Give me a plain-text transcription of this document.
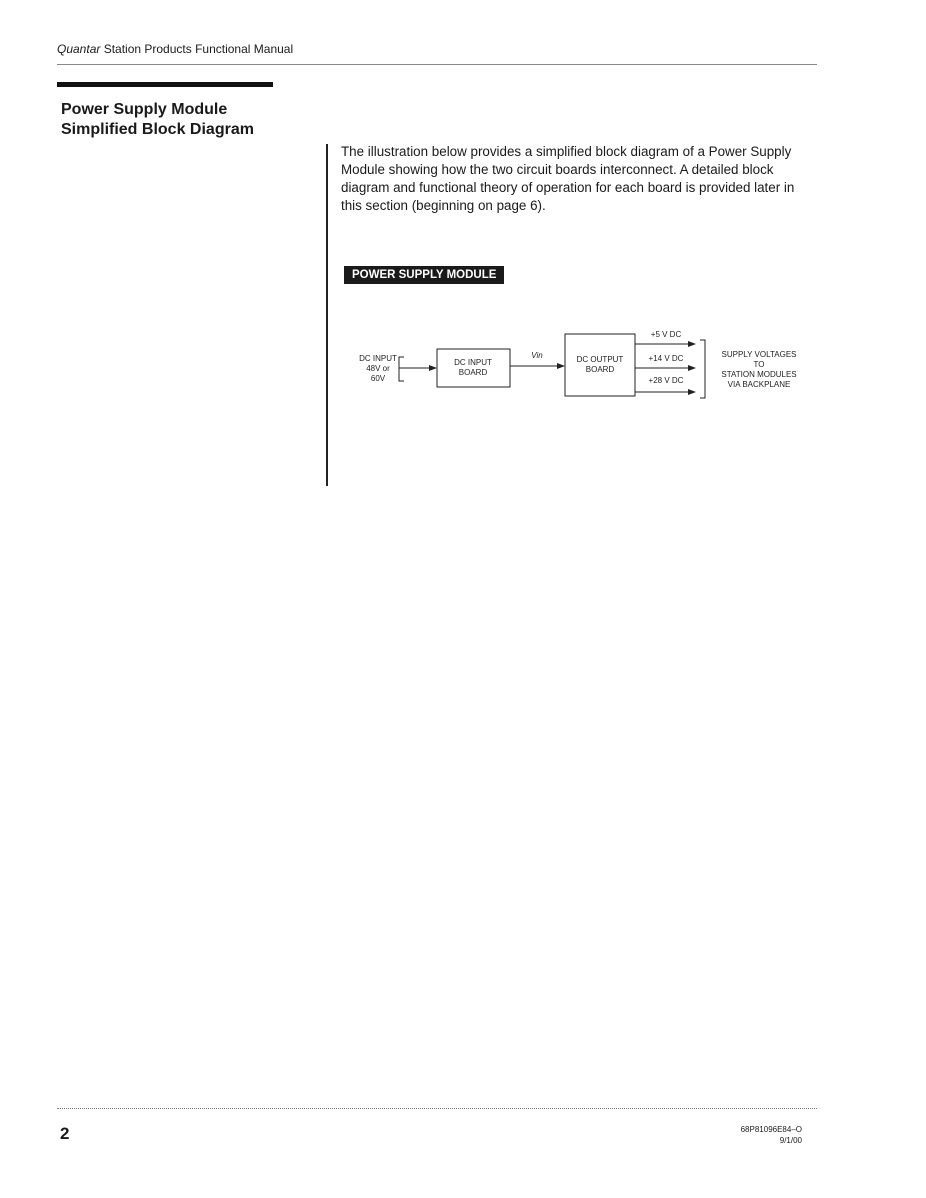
Quantar Station Products Functional Manual
Power Supply Module
Simplified Block Diagram

The illustration below provides a simplified block diagram of a Power Supply Module showing how the two circuit boards interconnect. A detailed block diagram and functional theory of operation for each board is provided later in this section (beginning on page 6).

POWER SUPPLY MODULE
DC INPUT
48V or
60V
DC INPUT
BOARD
Vin	DC OUTPUT
BOARD
+5 V DC
+14 V DC
+28 V DC
SUPPLY VOLTAGES
TO
STATION MODULES
VIA BACKPLANE
2	68P81096E84–O
9/1/00
